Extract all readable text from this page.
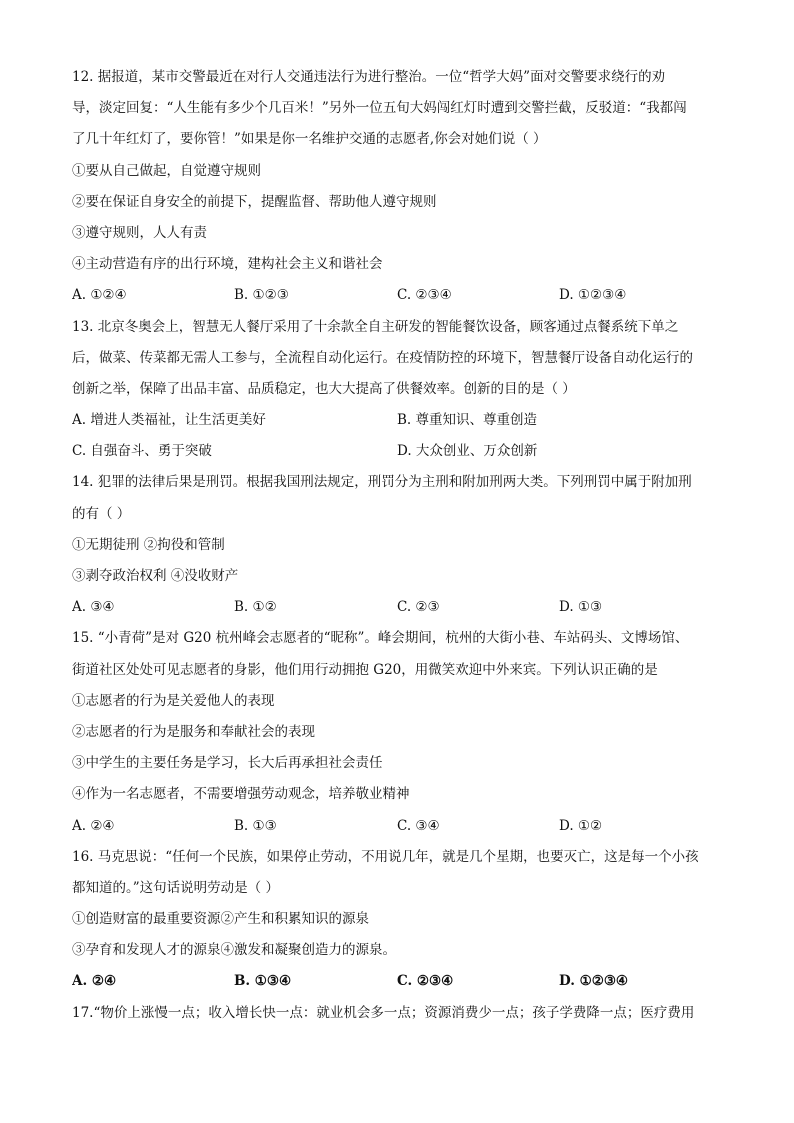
12. 据报道，某市交警最近在对行人交通违法行为进行整治。一位“哲学大妈”面对交警要求绕行的劝
导，淡定回复：“人生能有多少个几百米！”另外一位五旬大妈闯红灯时遭到交警拦截，反驳道：“我都闯
了几十年红灯了，要你管！”如果是你一名维护交通的志愿者,你会对她们说（ ）
①要从自己做起，自觉遵守规则
②要在保证自身安全的前提下，提醒监督、帮助他人遵守规则
③遵守规则，人人有责
④主动营造有序的出行环境，建构社会主义和谐社会
A. ①②④	B. ①②③	C. ②③④	D. ①②③④
13. 北京冬奥会上，智慧无人餐厅采用了十余款全自主研发的智能餐饮设备，顾客通过点餐系统下单之
后，做菜、传菜都无需人工参与，全流程自动化运行。在疫情防控的环境下，智慧餐厅设备自动化运行的
创新之举，保障了出品丰富、品质稳定，也大大提高了供餐效率。创新的目的是（ ）
A. 增进人类福祉，让生活更美好	B. 尊重知识、尊重创造
C. 自强奋斗、勇于突破	D. 大众创业、万众创新
14. 犯罪的法律后果是刑罚。根据我国刑法规定，刑罚分为主刑和附加刑两大类。下列刑罚中属于附加刑
的有（ ）
①无期徒刑 ②拘役和管制
③剥夺政治权利 ④没收财产
A. ③④	B. ①②	C. ②③	D. ①③
15. “小青荷”是对 G20 杭州峰会志愿者的“昵称”。峰会期间，杭州的大街小巷、车站码头、文博场馆、
街道社区处处可见志愿者的身影，他们用行动拥抱 G20，用微笑欢迎中外来宾。下列认识正确的是
①志愿者的行为是关爱他人的表现
②志愿者的行为是服务和奉献社会的表现
③中学生的主要任务是学习，长大后再承担社会责任
④作为一名志愿者，不需要增强劳动观念，培养敬业精神
A. ②④	B. ①③	C. ③④	D. ①②
16. 马克思说：“任何一个民族，如果停止劳动，不用说几年，就是几个星期，也要灭亡，这是每一个小孩
都知道的。”这句话说明劳动是（ ）
①创造财富的最重要资源②产生和积累知识的源泉
③孕育和发现人才的源泉④激发和凝聚创造力的源泉。
A. ②④	B. ①③④	C. ②③④	D. ①②③④
17.“物价上涨慢一点；收入增长快一点：就业机会多一点；资源消费少一点；孩子学费降一点；医疗费用
